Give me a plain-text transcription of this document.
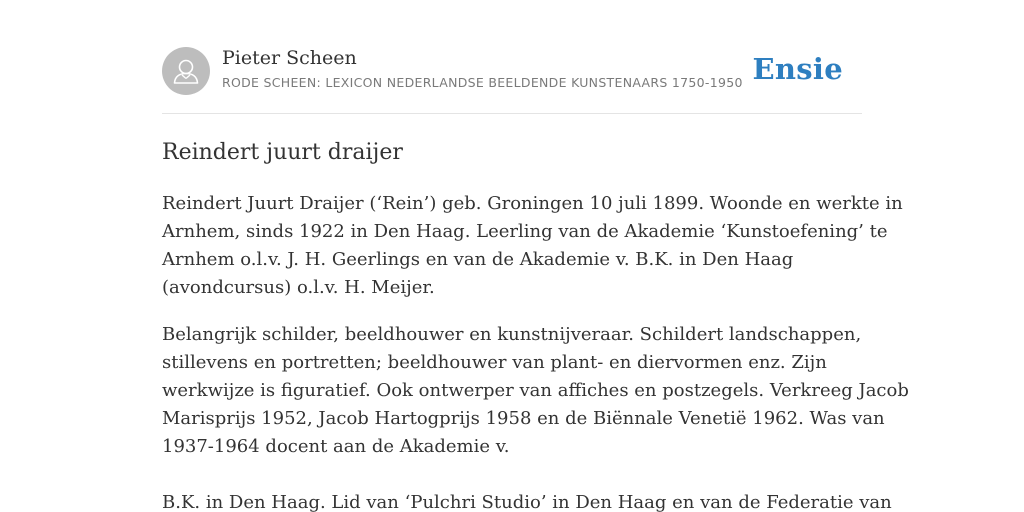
Pieter Scheen
RODE SCHEEN: LEXICON NEDERLANDSE BEELDENDE KUNSTENAARS 1750-1950 Ensie
Reindert juurt draijer

Reindert Juurt Draijer (‘Rein’) geb. Groningen 10 juli 1899. Woonde en werkte in
Arnhem, sinds 1922 in Den Haag. Leerling van de Akademie ‘Kunstoefening’ te
Arnhem o.l.v. J. H. Geerlings en van de Akademie v. B.K. in Den Haag
(avondcursus) o.l.v. H. Meijer.

Belangrijk schilder, beeldhouwer en kunstnijveraar. Schildert landschappen,
stillevens en portretten; beeldhouwer van plant- en diervormen enz. Zijn
werkwijze is figuratief. Ook ontwerper van affiches en postzegels. Verkreeg Jacob
Marisprijs 1952, Jacob Hartogprijs 1958 en de Biënnale Venetië 1962. Was van
1937-1964 docent aan de Akademie v.

B.K. in Den Haag. Lid van ‘Pulchri Studio’ in Den Haag en van de Federatie van
